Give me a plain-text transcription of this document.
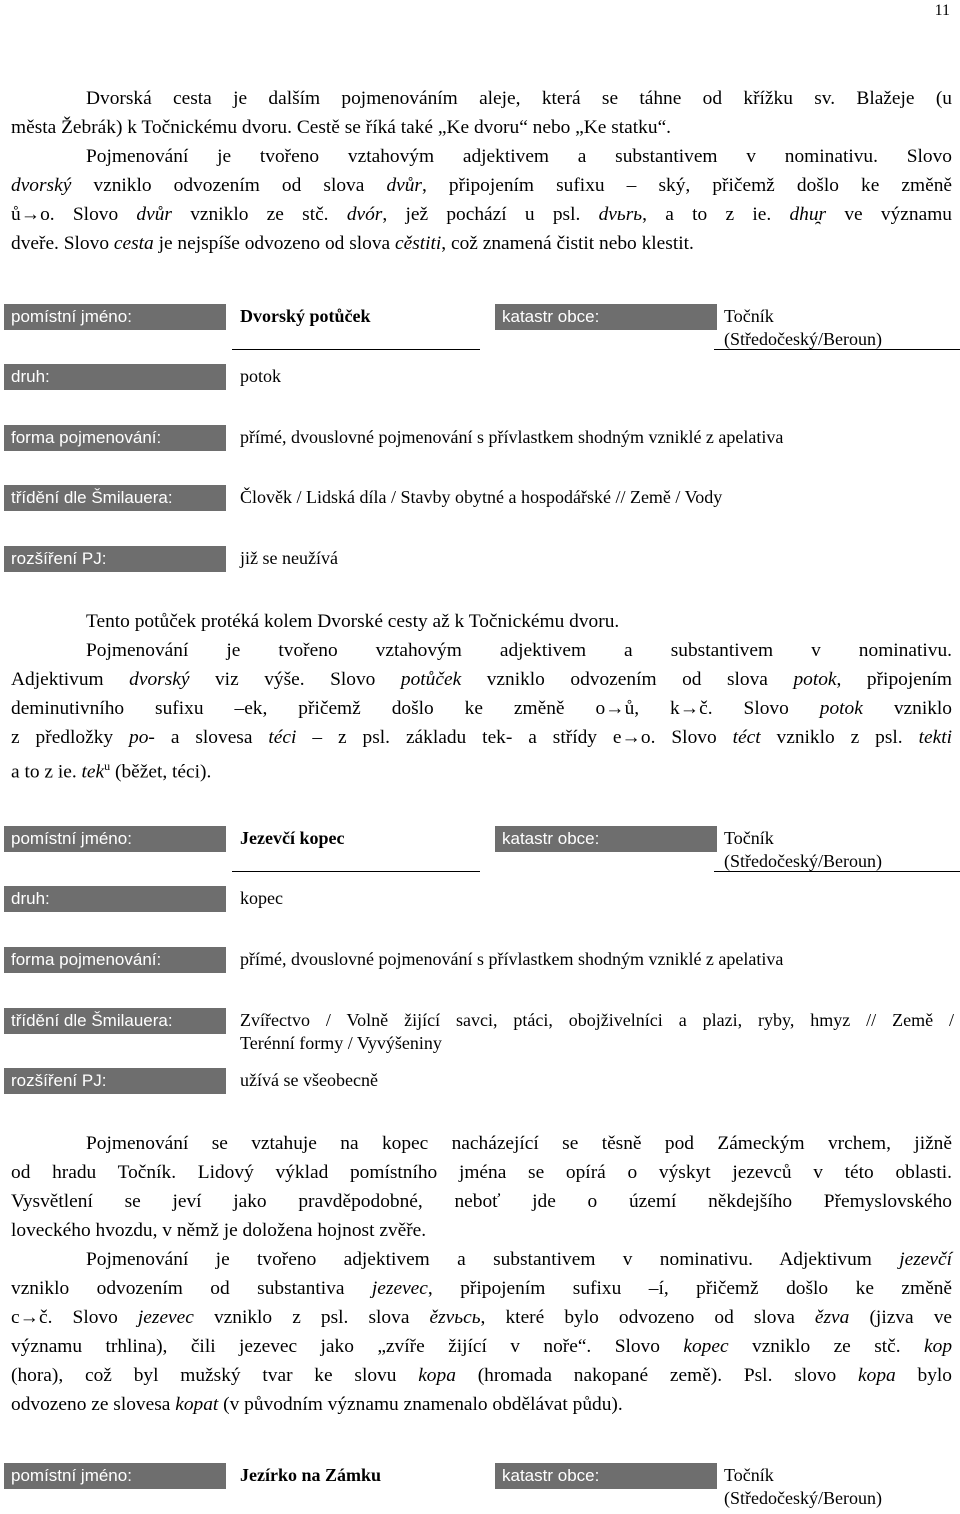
11
Dvorská cesta je dalším pojmenováním aleje, která se táhne od křížku sv. Blažeje (u
města Žebrák) k Točnickému dvoru. Cestě se říká také „Ke dvoru“ nebo „Ke statku“.
Pojmenování je tvořeno vztahovým adjektivem a substantivem v nominativu. Slovo
dvorský vzniklo odvozením od slova dvůr, připojením sufixu – ský, přičemž došlo ke změně
ů→o. Slovo dvůr vzniklo ze stč. dvór, jež pochází u psl. dvьrь, a to z ie. dhu̯r ve významu
dveře. Slovo cesta je nejspíše odvozeno od slova cěstiti, což znamená čistit nebo klestit.
pomístní jméno:	Dvorský potůček	katastr obce:	Točník
(Středočeský/Beroun)
druh:	potok
forma pojmenování:	přímé, dvouslovné pojmenování s přívlastkem shodným vzniklé z apelativa
třídění dle Šmilauera:	Člověk / Lidská díla / Stavby obytné a hospodářské // Země / Vody
rozšíření PJ:	již se neužívá
Tento potůček protéká kolem Dvorské cesty až k Točnickému dvoru.
Pojmenování je tvořeno vztahovým adjektivem a substantivem v nominativu.
Adjektivum dvorský viz výše. Slovo potůček vzniklo odvozením od slova potok, připojením
deminutivního sufixu –ek, přičemž došlo ke změně o→ů, k→č. Slovo potok vzniklo
z předložky po- a slovesa téci – z psl. základu tek- a střídy e→o. Slovo téct vzniklo z psl. tekti
a to z ie. tek$^u$ (běžet, téci).
pomístní jméno:	Jezevčí kopec	katastr obce:	Točník
(Středočeský/Beroun)
druh:	kopec
forma pojmenování:	přímé, dvouslovné pojmenování s přívlastkem shodným vzniklé z apelativa
třídění dle Šmilauera:	Zvířectvo / Volně žijící savci, ptáci, obojživelníci a plazi, ryby, hmyz // Země /
Terénní formy / Vyvýšeniny
rozšíření PJ:	užívá se všeobecně
Pojmenování se vztahuje na kopec nacházející se těsně pod Zámeckým vrchem, jižně
od hradu Točník. Lidový výklad pomístního jména se opírá o výskyt jezevců v této oblasti.
Vysvětlení se jeví jako pravděpodobné, neboť jde o území někdejšího Přemyslovského
loveckého hvozdu, v němž je doložena hojnost zvěře.
Pojmenování je tvořeno adjektivem a substantivem v nominativu. Adjektivum jezevčí
vzniklo odvozením od substantiva jezevec, připojením sufixu –í, přičemž došlo ke změně
c→č. Slovo jezevec vzniklo z psl. slova ězvьcь, které bylo odvozeno od slova ězva (jizva ve
významu trhlina), čili jezevec jako „zvíře žijící v noře“. Slovo kopec vzniklo ze stč. kop
(hora), což byl mužský tvar ke slovu kopa (hromada nakopané země). Psl. slovo kopa bylo
odvozeno ze slovesa kopat (v původním významu znamenalo obdělávat půdu).
pomístní jméno:	Jezírko na Zámku	katastr obce:	Točník
(Středočeský/Beroun)
